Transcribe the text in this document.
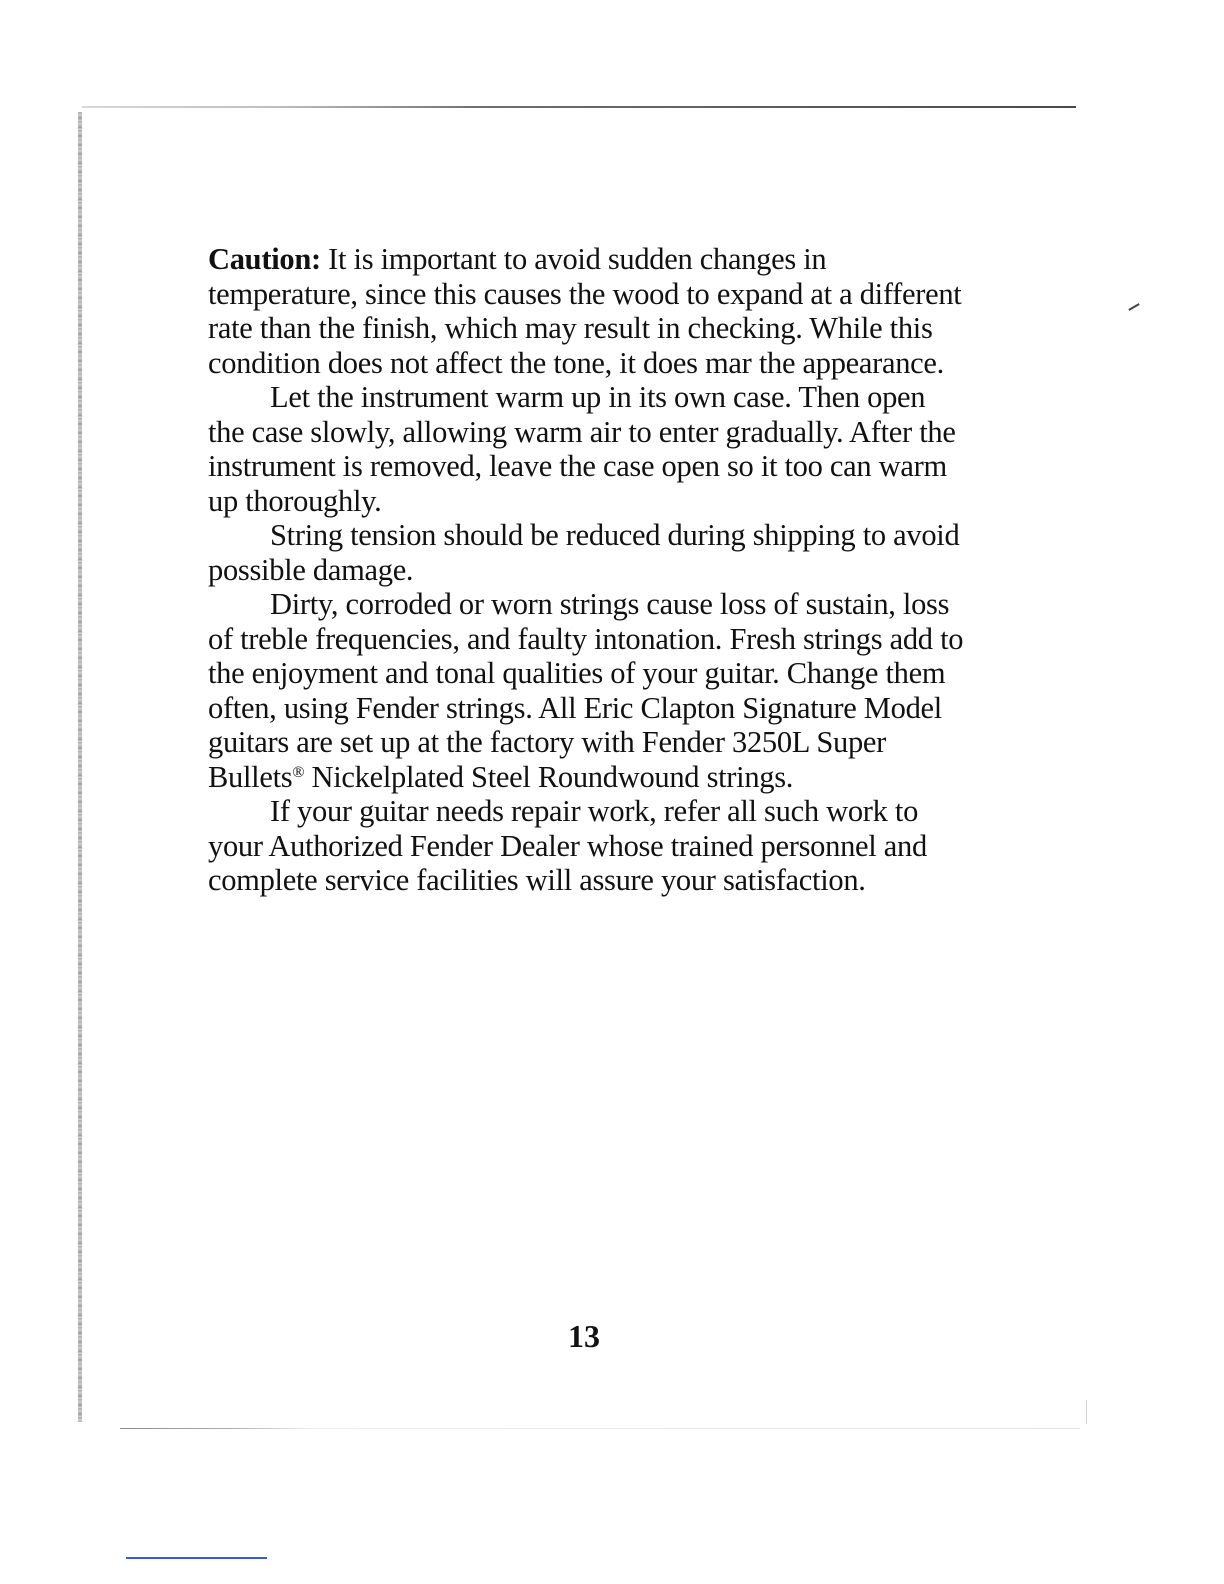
Caution: It is important to avoid sudden changes in temperature, since this causes the wood to expand at a different rate than the finish, which may result in checking. While this condition does not affect the tone, it does mar the appearance.

Let the instrument warm up in its own case. Then open the case slowly, allowing warm air to enter gradually. After the instrument is removed, leave the case open so it too can warm up thoroughly.

String tension should be reduced during shipping to avoid possible damage.

Dirty, corroded or worn strings cause loss of sustain, loss of treble frequencies, and faulty intonation. Fresh strings add to the enjoyment and tonal qualities of your guitar. Change them often, using Fender strings. All Eric Clapton Signature Model guitars are set up at the factory with Fender 3250L Super Bullets® Nickelplated Steel Roundwound strings.

If your guitar needs repair work, refer all such work to your Authorized Fender Dealer whose trained personnel and complete service facilities will assure your satisfaction.

13
